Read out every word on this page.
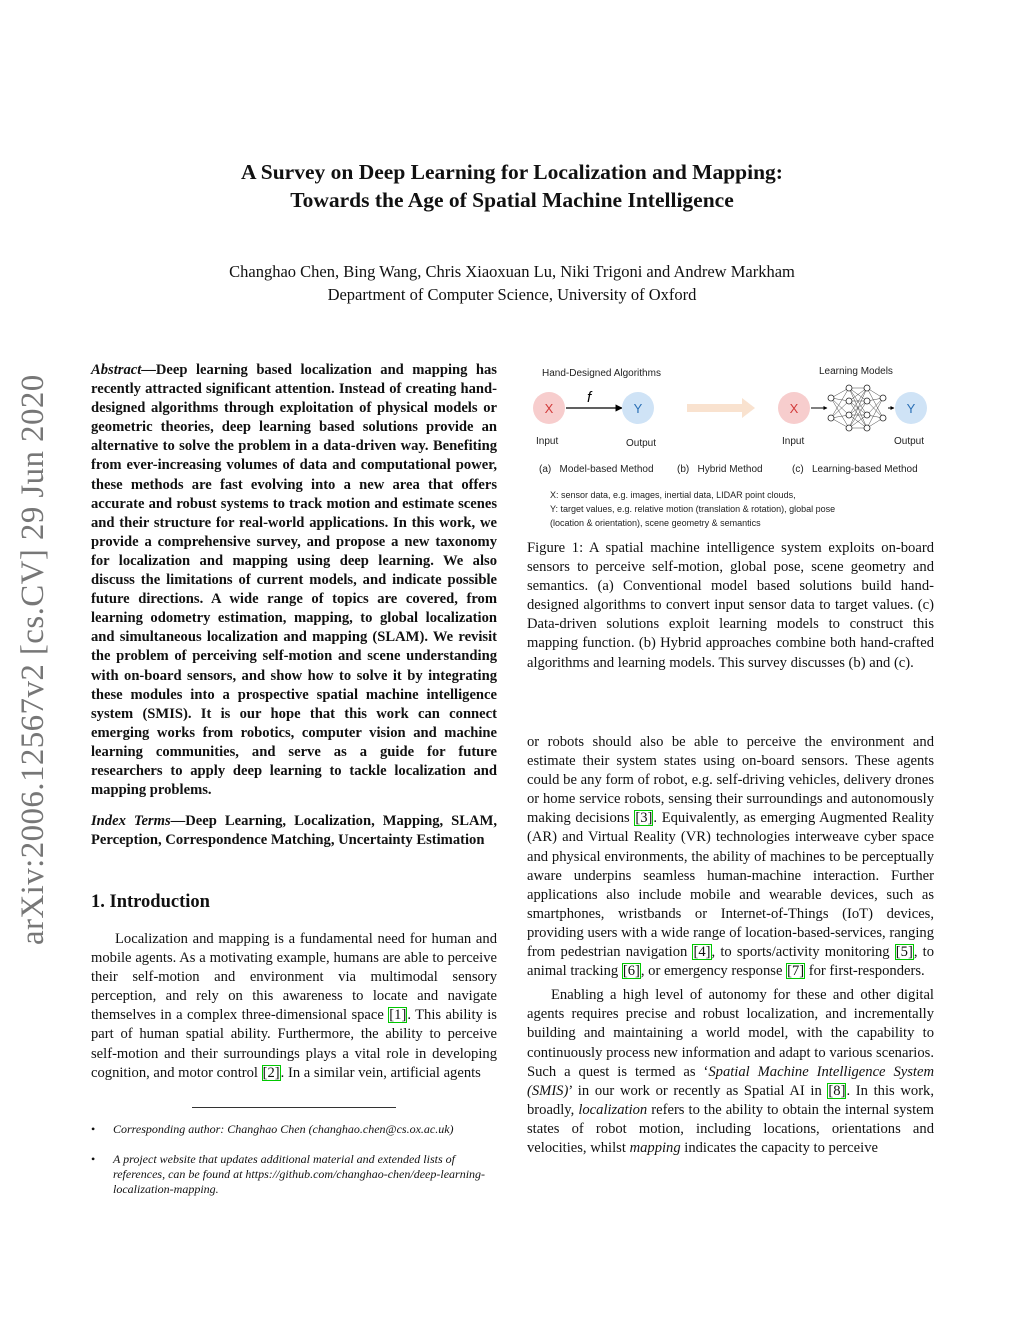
A Survey on Deep Learning for Localization and Mapping:
Towards the Age of Spatial Machine Intelligence
Changhao Chen, Bing Wang, Chris Xiaoxuan Lu, Niki Trigoni and Andrew Markham
Department of Computer Science, University of Oxford
arXiv:2006.12567v2 [cs.CV] 29 Jun 2020

Abstract—Deep learning based localization and mapping has recently attracted significant attention. Instead of creating hand-designed algorithms through exploitation of physical models or geometric theories, deep learning based solutions provide an alternative to solve the problem in a data-driven way. Benefiting from ever-increasing volumes of data and computational power, these methods are fast evolving into a new area that offers accurate and robust systems to track motion and estimate scenes and their structure for real-world applications. In this work, we provide a comprehensive survey, and propose a new taxonomy for localization and mapping using deep learning. We also discuss the limitations of current models, and indicate possible future directions. A wide range of topics are covered, from learning odometry estimation, mapping, to global localization and simultaneous localization and mapping (SLAM). We revisit the problem of perceiving self-motion and scene understanding with on-board sensors, and show how to solve it by integrating these modules into a prospective spatial machine intelligence system (SMIS). It is our hope that this work can connect emerging works from robotics, computer vision and machine learning communities, and serve as a guide for future researchers to apply deep learning to tackle localization and mapping problems.

Index Terms—Deep Learning, Localization, Mapping, SLAM, Perception, Correspondence Matching, Uncertainty Estimation

1. Introduction

Localization and mapping is a fundamental need for human and mobile agents. As a motivating example, humans are able to perceive their self-motion and environment via multimodal sensory perception, and rely on this awareness to locate and navigate themselves in a complex three-dimensional space [1]. This ability is part of human spatial ability. Furthermore, the ability to perceive self-motion and their surroundings plays a vital role in developing cognition, and motor control [2]. In a similar vein, artificial agents

• Corresponding author: Changhao Chen (changhao.chen@cs.ox.ac.uk)
• A project website that updates additional material and extended lists of references, can be found at https://github.com/changhao-chen/deep-learning-localization-mapping.
Hand-Designed Algorithms	Learning Models
X
f
Y
Input	Output
X	Y
Input	Output
(a)   Model-based Method (b)   Hybrid Method	(c)   Learning-based Method
X: sensor data, e.g. images, inertial data, LIDAR point clouds,
Y: target values, e.g. relative motion (translation & rotation), global pose
(location & orientation), scene geometry & semantics

Figure 1: A spatial machine intelligence system exploits on-board sensors to perceive self-motion, global pose, scene geometry and semantics. (a) Conventional model based solutions build hand-designed algorithms to convert input sensor data to target values. (c) Data-driven solutions exploit learning models to construct this mapping function. (b) Hybrid approaches combine both hand-crafted algorithms and learning models. This survey discusses (b) and (c).

or robots should also be able to perceive the environment and estimate their system states using on-board sensors. These agents could be any form of robot, e.g. self-driving vehicles, delivery drones or home service robots, sensing their surroundings and autonomously making decisions [3]. Equivalently, as emerging Augmented Reality (AR) and Virtual Reality (VR) technologies interweave cyber space and physical environments, the ability of machines to be perceptually aware underpins seamless human-machine interaction. Further applications also include mobile and wearable devices, such as smartphones, wristbands or Internet-of-Things (IoT) devices, providing users with a wide range of location-based-services, ranging from pedestrian navigation [4], to sports/activity monitoring [5], to animal tracking [6], or emergency response [7] for first-responders.

Enabling a high level of autonomy for these and other digital agents requires precise and robust localization, and incrementally building and maintaining a world model, with the capability to continuously process new information and adapt to various scenarios. Such a quest is termed as ‘Spatial Machine Intelligence System (SMIS)’ in our work or recently as Spatial AI in [8]. In this work, broadly, localization refers to the ability to obtain the internal system states of robot motion, including locations, orientations and velocities, whilst mapping indicates the capacity to perceive
